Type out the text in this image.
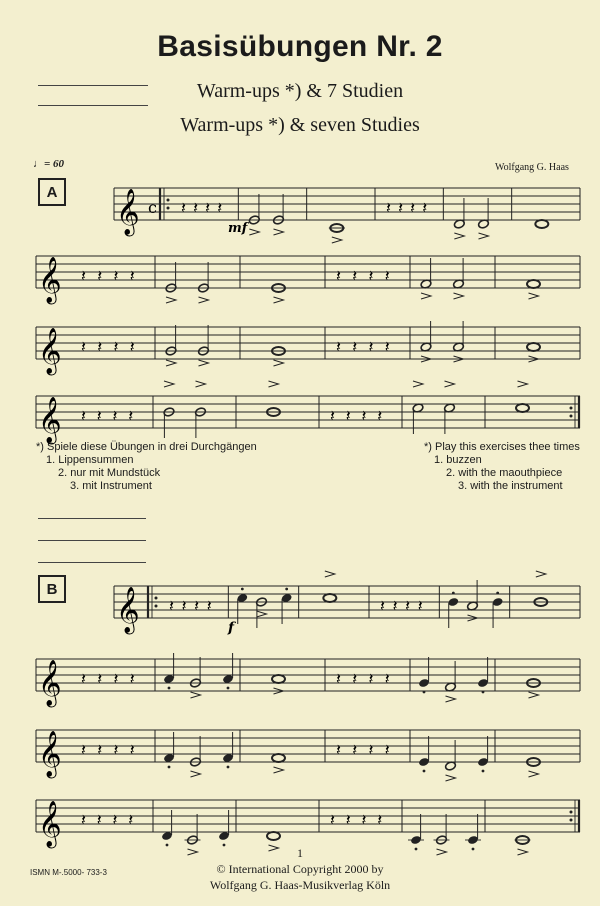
Basisübungen Nr. 2
Warm-ups *) & 7 Studien
Warm-ups *) & seven Studies
♩= 60	Wolfgang G. Haas
A
B
*) Spiele diese Übungen in drei Durchgängen
1. Lippensummen
2. nur mit Mundstück
3. mit Instrument
*) Play this exercises thee times
1. buzzen
2. with the maouthpiece
3. with the instrument
𝄞 c 𝄽 𝄽 𝄽 𝄽	𝄽 𝄽 𝄽 𝄽
𝄞 𝄽 𝄽 𝄽 𝄽	𝄽 𝄽 𝄽 𝄽
𝄞 𝄽 𝄽 𝄽 𝄽	𝄽 𝄽 𝄽 𝄽
𝄞 𝄽 𝄽 𝄽 𝄽	𝄽 𝄽 𝄽 𝄽
𝄞 𝄽 𝄽 𝄽 𝄽	𝄽 𝄽 𝄽 𝄽
𝄞 𝄽 𝄽 𝄽 𝄽	𝄽 𝄽 𝄽 𝄽
𝄞 𝄽 𝄽 𝄽 𝄽	𝄽 𝄽 𝄽 𝄽
𝄞 𝄽 𝄽 𝄽 𝄽	𝄽 𝄽 𝄽 𝄽
mf
f
1
© International Copyright 2000 by
Wolfgang G. Haas-Musikverlag Köln
ISMN M-.5000- 733-3
